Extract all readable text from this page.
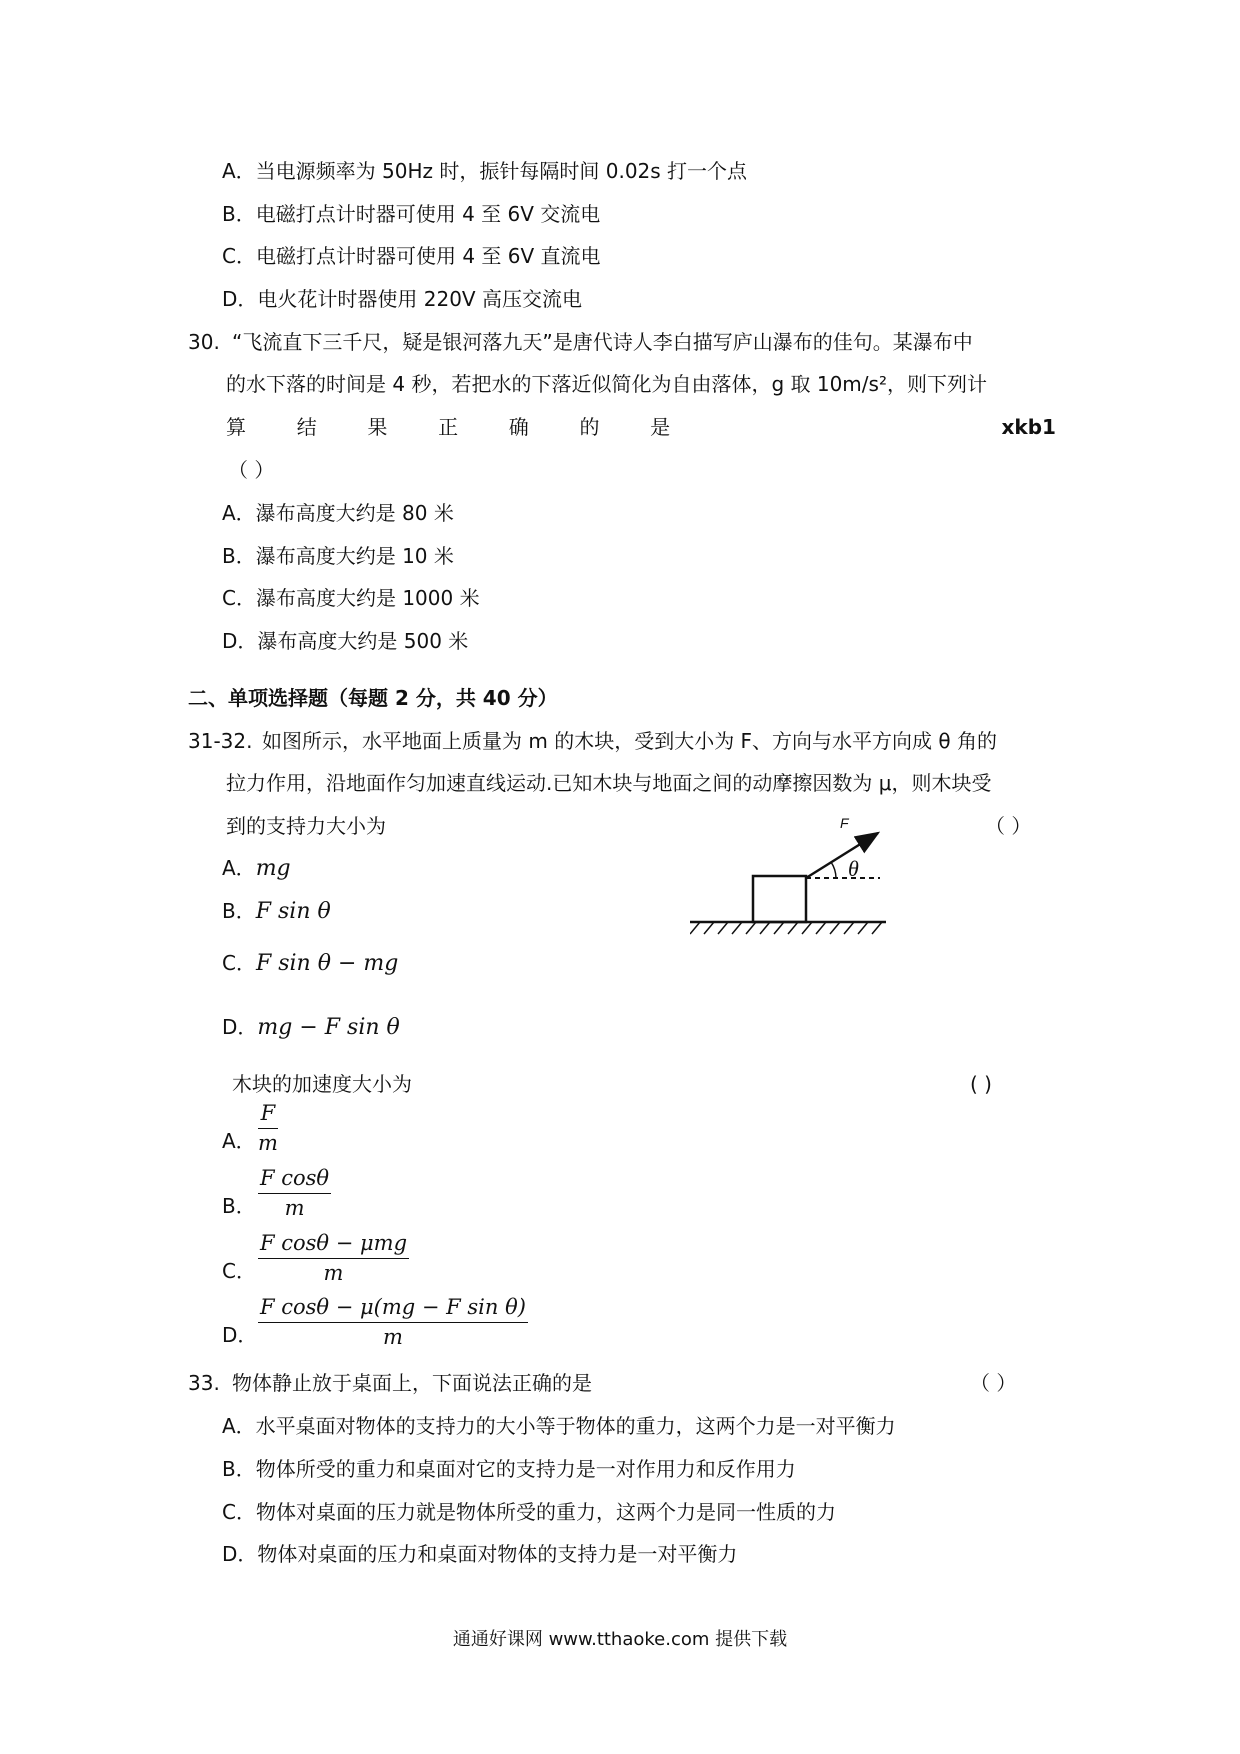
A．当电源频率为 50Hz 时，振针每隔时间 0.02s 打一个点
B．电磁打点计时器可使用 4 至 6V 交流电
C．电磁打点计时器可使用 4 至 6V 直流电
D．电火花计时器使用 220V 高压交流电
30. “飞流直下三千尺，疑是银河落九天”是唐代诗人李白描写庐山瀑布的佳句。某瀑布中
的水下落的时间是 4 秒，若把水的下落近似简化为自由落体，g 取 10m/s²，则下列计
算	结	果	正	确	的	是	xkb1
（ ）
A．瀑布高度大约是 80 米
B．瀑布高度大约是 10 米
C．瀑布高度大约是 1000 米
D．瀑布高度大约是 500 米
二、单项选择题（每题 2 分，共 40 分）
31-32. 如图所示，水平地面上质量为 m 的木块，受到大小为 F、方向与水平方向成 θ 角的
拉力作用，沿地面作匀加速直线运动.已知木块与地面之间的动摩擦因数为 μ，则木块受
到的支持力大小为	（ ）
A．mg
B．F sin θ
C．F sin θ − mg
D．mg − F sin θ
F
θ
木块的加速度大小为	( )
A． $\frac{F}{m}$
B． $\frac{\text{F cosθ}}{m}$
C．
F cosθ − μmg
m
D． $\frac{\text{F cosθ − μ(mg − F sin θ)}}{m}$
33. 物体静止放于桌面上，下面说法正确的是	（ ）
A．水平桌面对物体的支持力的大小等于物体的重力，这两个力是一对平衡力
B．物体所受的重力和桌面对它的支持力是一对作用力和反作用力
C．物体对桌面的压力就是物体所受的重力，这两个力是同一性质的力
D．物体对桌面的压力和桌面对物体的支持力是一对平衡力
通通好课网 www.tthaoke.com 提供下载
